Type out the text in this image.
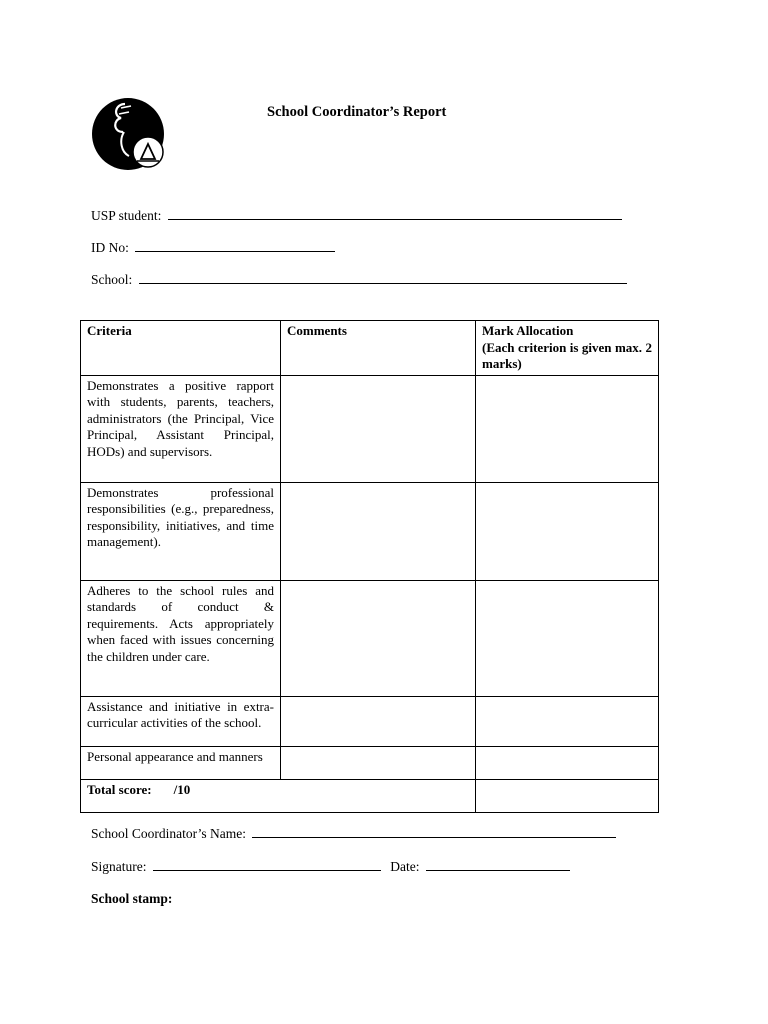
School Coordinator’s Report
USP student:
ID No:
School:
Criteria	Comments	Mark Allocation
(Each criterion is given max. 2 marks)

Demonstrates a positive rapport with students, parents, teachers, administrators (the Principal, Vice Principal, Assistant Principal, HODs) and supervisors.		
Demonstrates professional responsibilities (e.g., preparedness, responsibility, initiatives, and time management).		
Adheres to the school rules and standards of conduct & requirements. Acts appropriately when faced with issues concerning the children under care.		
Assistance and initiative in extra-curricular activities of the school.		
Personal appearance and manners		
Total score: /10		
School Coordinator’s Name:
Signature:	Date:
School stamp:
